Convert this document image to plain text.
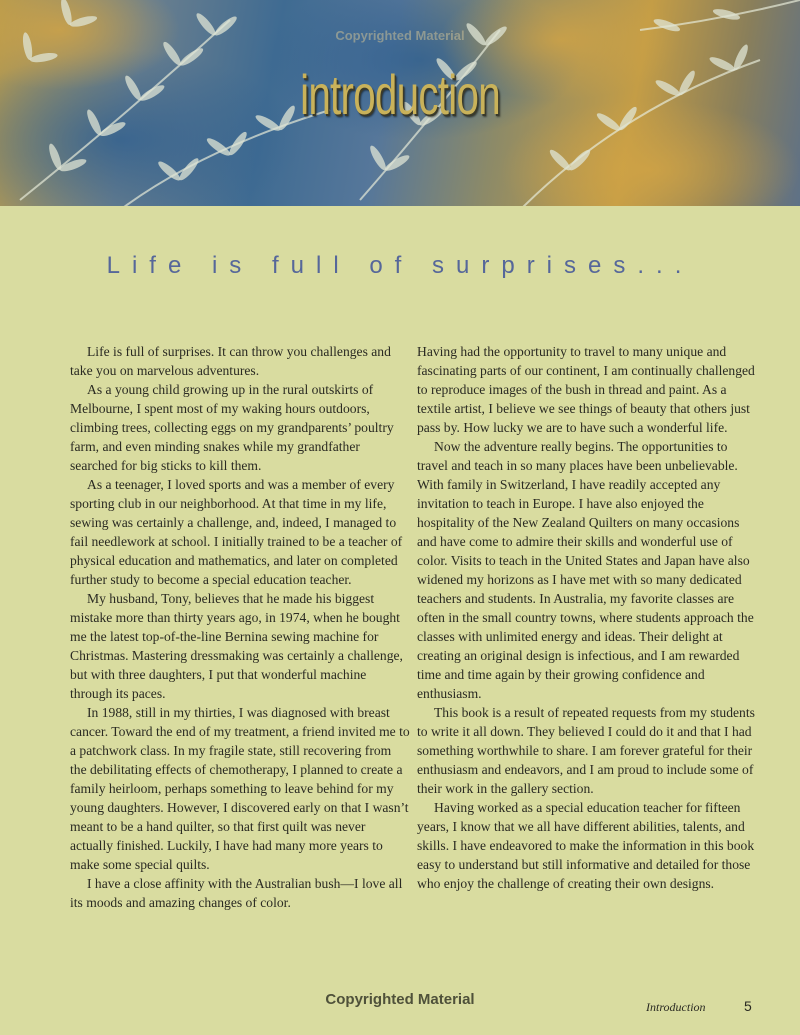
Copyrighted Material
introduction
Life is full of surprises...

Life is full of surprises. It can throw you challenges and take you on marvelous adventures.

As a young child growing up in the rural outskirts of Melbourne, I spent most of my waking hours outdoors, climbing trees, collecting eggs on my grandparents’ poultry farm, and even minding snakes while my grandfather searched for big sticks to kill them.

As a teenager, I loved sports and was a member of every sporting club in our neighborhood. At that time in my life, sewing was certainly a challenge, and, indeed, I managed to fail needlework at school. I initially trained to be a teacher of physical education and mathematics, and later on completed further study to become a special education teacher.

My husband, Tony, believes that he made his biggest mistake more than thirty years ago, in 1974, when he bought me the latest top-of-the-line Bernina sewing machine for Christmas. Mastering dressmaking was certainly a challenge, but with three daughters, I put that wonderful machine through its paces.

In 1988, still in my thirties, I was diagnosed with breast cancer. Toward the end of my treatment, a friend invited me to a patchwork class. In my fragile state, still recovering from the debilitating effects of chemotherapy, I planned to create a family heirloom, perhaps something to leave behind for my young daughters. However, I discovered early on that I wasn’t meant to be a hand quilter, so that first quilt was never actually finished. Luckily, I have had many more years to make some special quilts.

I have a close affinity with the Australian bush—I love all its moods and amazing changes of color.

Having had the opportunity to travel to many unique and fascinating parts of our continent, I am continually challenged to reproduce images of the bush in thread and paint. As a textile artist, I believe we see things of beauty that others just pass by. How lucky we are to have such a wonderful life.

Now the adventure really begins. The opportunities to travel and teach in so many places have been unbelievable. With family in Switzerland, I have readily accepted any invitation to teach in Europe. I have also enjoyed the hospitality of the New Zealand Quilters on many occasions and have come to admire their skills and wonderful use of color. Visits to teach in the United States and Japan have also widened my horizons as I have met with so many dedicated teachers and students. In Australia, my favorite classes are often in the small country towns, where students approach the classes with unlimited energy and ideas. Their delight at creating an original design is infectious, and I am rewarded time and time again by their growing confidence and enthusiasm.

This book is a result of repeated requests from my students to write it all down. They believed I could do it and that I had something worthwhile to share. I am forever grateful for their enthusiasm and endeavors, and I am proud to include some of their work in the gallery section.

Having worked as a special education teacher for fifteen years, I know that we all have different abilities, talents, and skills. I have endeavored to make the information in this book easy to understand but still informative and detailed for those who enjoy the challenge of creating their own designs.

Copyrighted Material	Introduction	5
